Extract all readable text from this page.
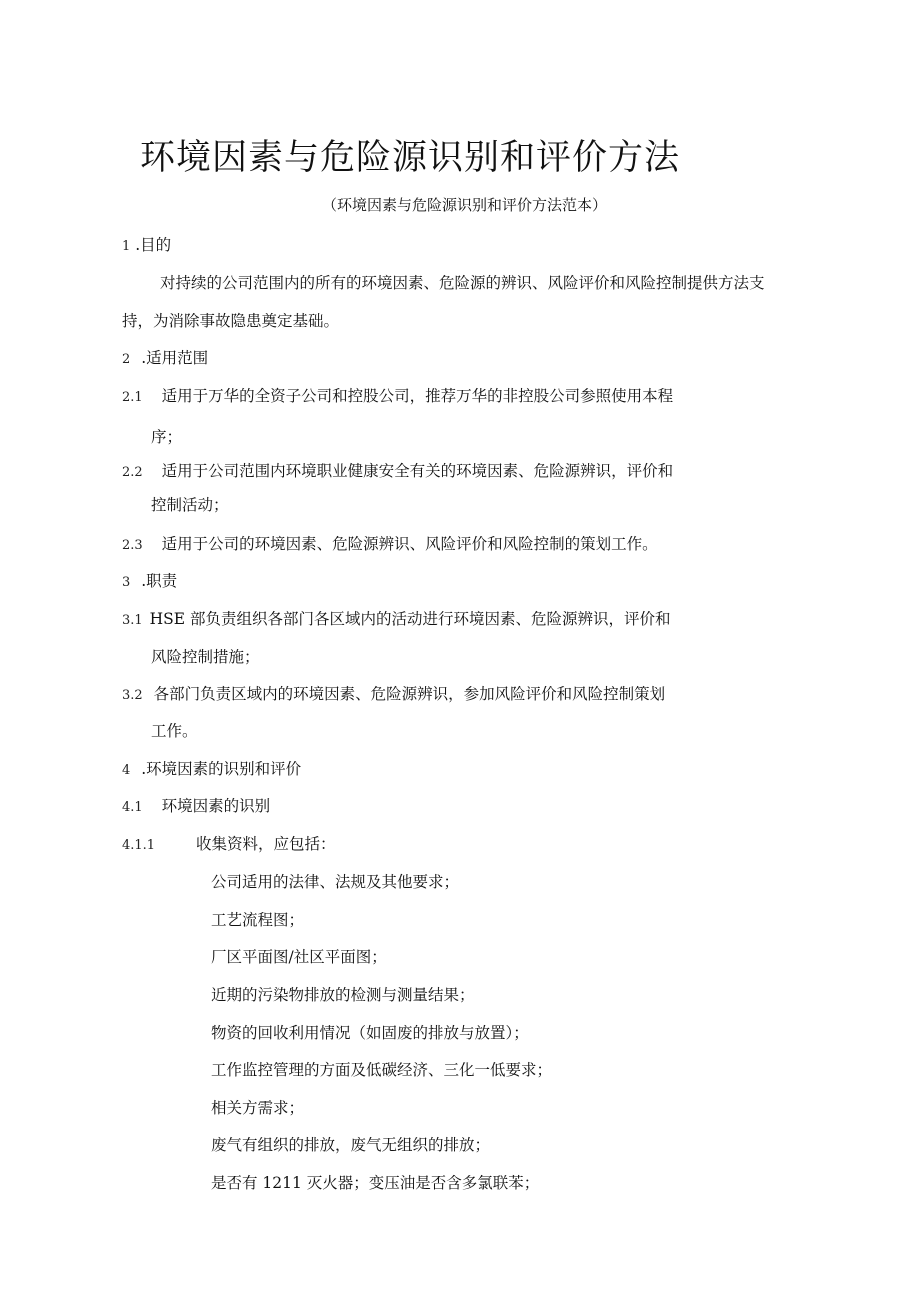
环境因素与危险源识别和评价方法
（环境因素与危险源识别和评价方法范本）
1 .目的
对持续的公司范围内的所有的环境因素、危险源的辨识、风险评价和风险控制提供方法支
持，为消除事故隐患奠定基础。
2 .适用范围
2.1 适用于万华的全资子公司和控股公司，推荐万华的非控股公司参照使用本程
序；
2.2 适用于公司范围内环境职业健康安全有关的环境因素、危险源辨识，评价和
控制活动；
2.3 适用于公司的环境因素、危险源辨识、风险评价和风险控制的策划工作。
3 .职责
3.1 HSE 部负责组织各部门各区域内的活动进行环境因素、危险源辨识，评价和
风险控制措施；
3.2 各部门负责区域内的环境因素、危险源辨识，参加风险评价和风险控制策划
工作。
4 .环境因素的识别和评价
4.1 环境因素的识别
4.1.1	收集资料，应包括：
公司适用的法律、法规及其他要求；
工艺流程图；
厂区平面图/社区平面图；
近期的污染物排放的检测与测量结果；
物资的回收利用情况（如固废的排放与放置）；
工作监控管理的方面及低碳经济、三化一低要求；
相关方需求；
废气有组织的排放，废气无组织的排放；
是否有 1211 灭火器；变压油是否含多氯联苯；
